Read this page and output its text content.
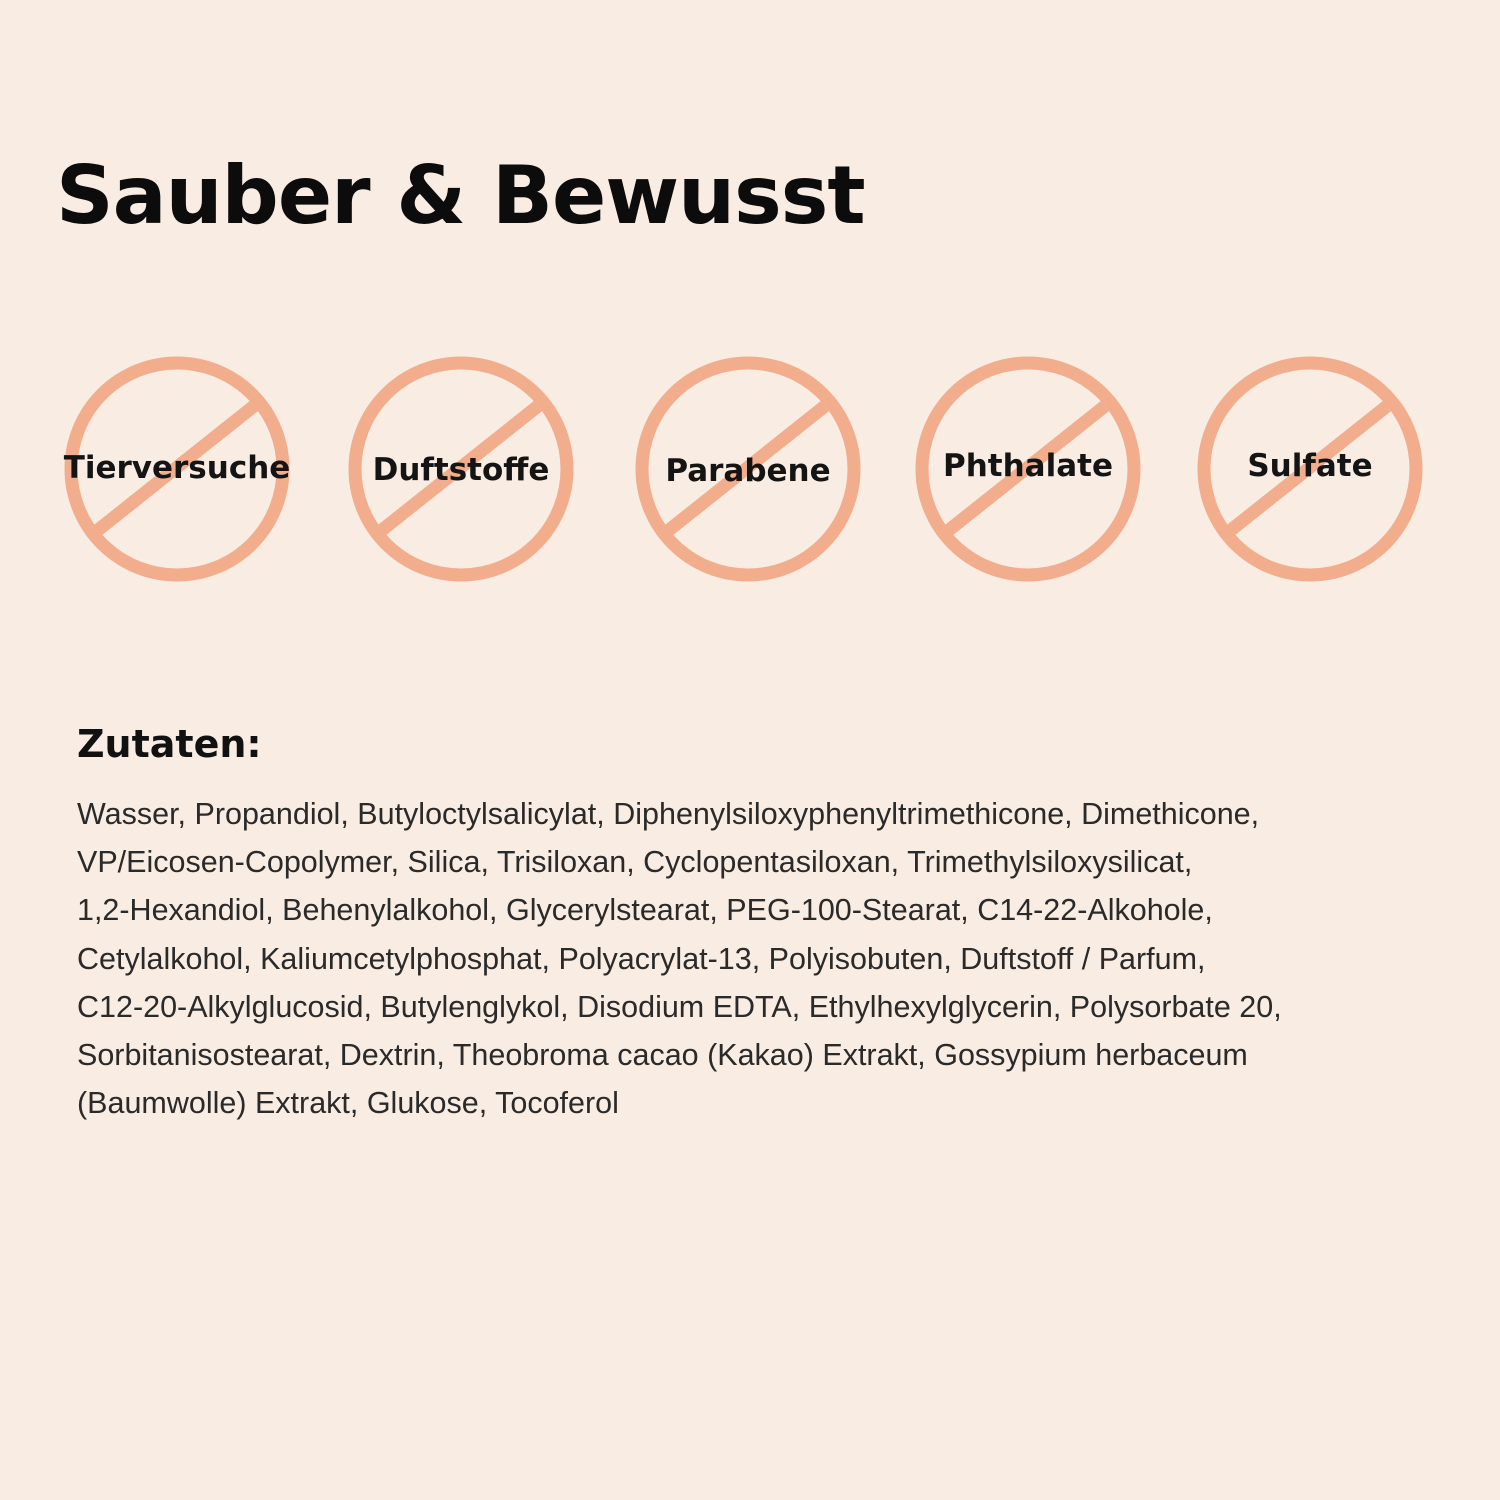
Sauber & Bewusst
Tierversuche	Duftstoffe	Parabene	Phthalate	Sulfate
Zutaten:

Wasser, Propandiol, Butyloctylsalicylat, Diphenylsiloxyphenyltrimethicone, Dimethicone,
VP/Eicosen-Copolymer, Silica, Trisiloxan, Cyclopentasiloxan, Trimethylsiloxysilicat,
1,2-Hexandiol, Behenylalkohol, Glycerylstearat, PEG-100-Stearat, C14-22-Alkohole,
Cetylalkohol, Kaliumcetylphosphat, Polyacrylat-13, Polyisobuten, Duftstoff / Parfum,
C12-20-Alkylglucosid, Butylenglykol, Disodium EDTA, Ethylhexylglycerin, Polysorbate 20,
Sorbitanisostearat, Dextrin, Theobroma cacao (Kakao) Extrakt, Gossypium herbaceum
(Baumwolle) Extrakt, Glukose, Tocoferol
